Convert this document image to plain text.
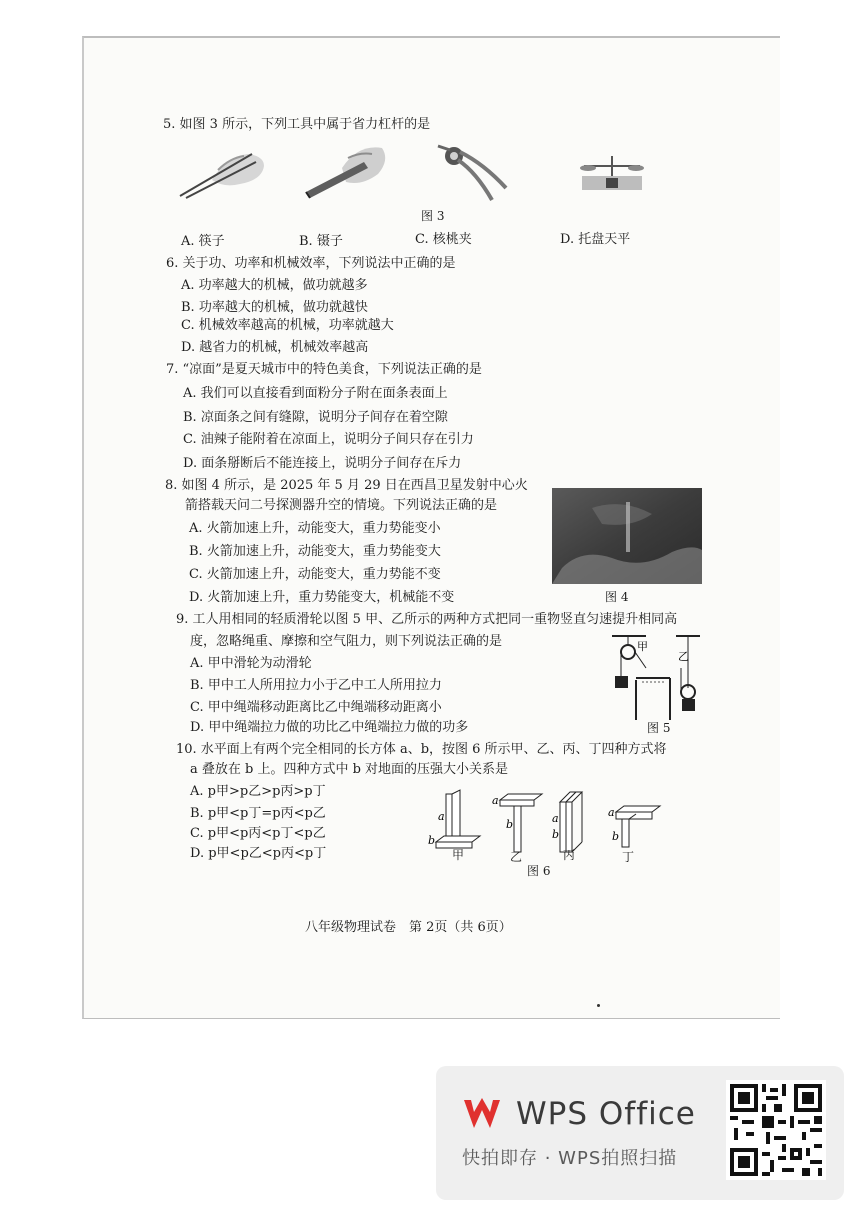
5. 如图 3 所示，下列工具中属于省力杠杆的是
图 3
A. 筷子	B. 镊子	C. 核桃夹	D. 托盘天平
6. 关于功、功率和机械效率，下列说法中正确的是
A. 功率越大的机械，做功就越多
B. 功率越大的机械，做功就越快
C. 机械效率越高的机械，功率就越大
D. 越省力的机械，机械效率越高
7. “凉面”是夏天城市中的特色美食，下列说法正确的是
A. 我们可以直接看到面粉分子附在面条表面上
B. 凉面条之间有缝隙，说明分子间存在着空隙
C. 油辣子能附着在凉面上，说明分子间只存在引力
D. 面条掰断后不能连接上，说明分子间存在斥力
8. 如图 4 所示，是 2025 年 5 月 29 日在西昌卫星发射中心火
箭搭载天问二号探测器升空的情境。下列说法正确的是
图 4
A. 火箭加速上升，动能变大，重力势能变小
B. 火箭加速上升，动能变大，重力势能变大
C. 火箭加速上升，动能变大，重力势能不变
D. 火箭加速上升，重力势能变大，机械能不变
9. 工人用相同的轻质滑轮以图 5 甲、乙所示的两种方式把同一重物竖直匀速提升相同高
度，忽略绳重、摩擦和空气阻力，则下列说法正确的是
A. 甲中滑轮为动滑轮
B. 甲中工人所用拉力小于乙中工人所用拉力
C. 甲中绳端移动距离比乙中绳端移动距离小
D. 甲中绳端拉力做的功比乙中绳端拉力做的功多
甲
乙
图 5
10. 水平面上有两个完全相同的长方体 a、b，按图 6 所示甲、乙、丙、丁四种方式将
a 叠放在 b 上。四种方式中 b 对地面的压强大小关系是
A. p甲>p乙>p丙>p丁
B. p甲<p丁=p丙<p乙
C. p甲<p丙<p丁<p乙
D. p甲<p乙<p丙<p丁
a
b
a
b	a
b
a
b
甲	乙	丙	丁
图 6
八年级物理试卷　第 2页（共 6页）
WPS Office
快拍即存 · WPS拍照扫描
